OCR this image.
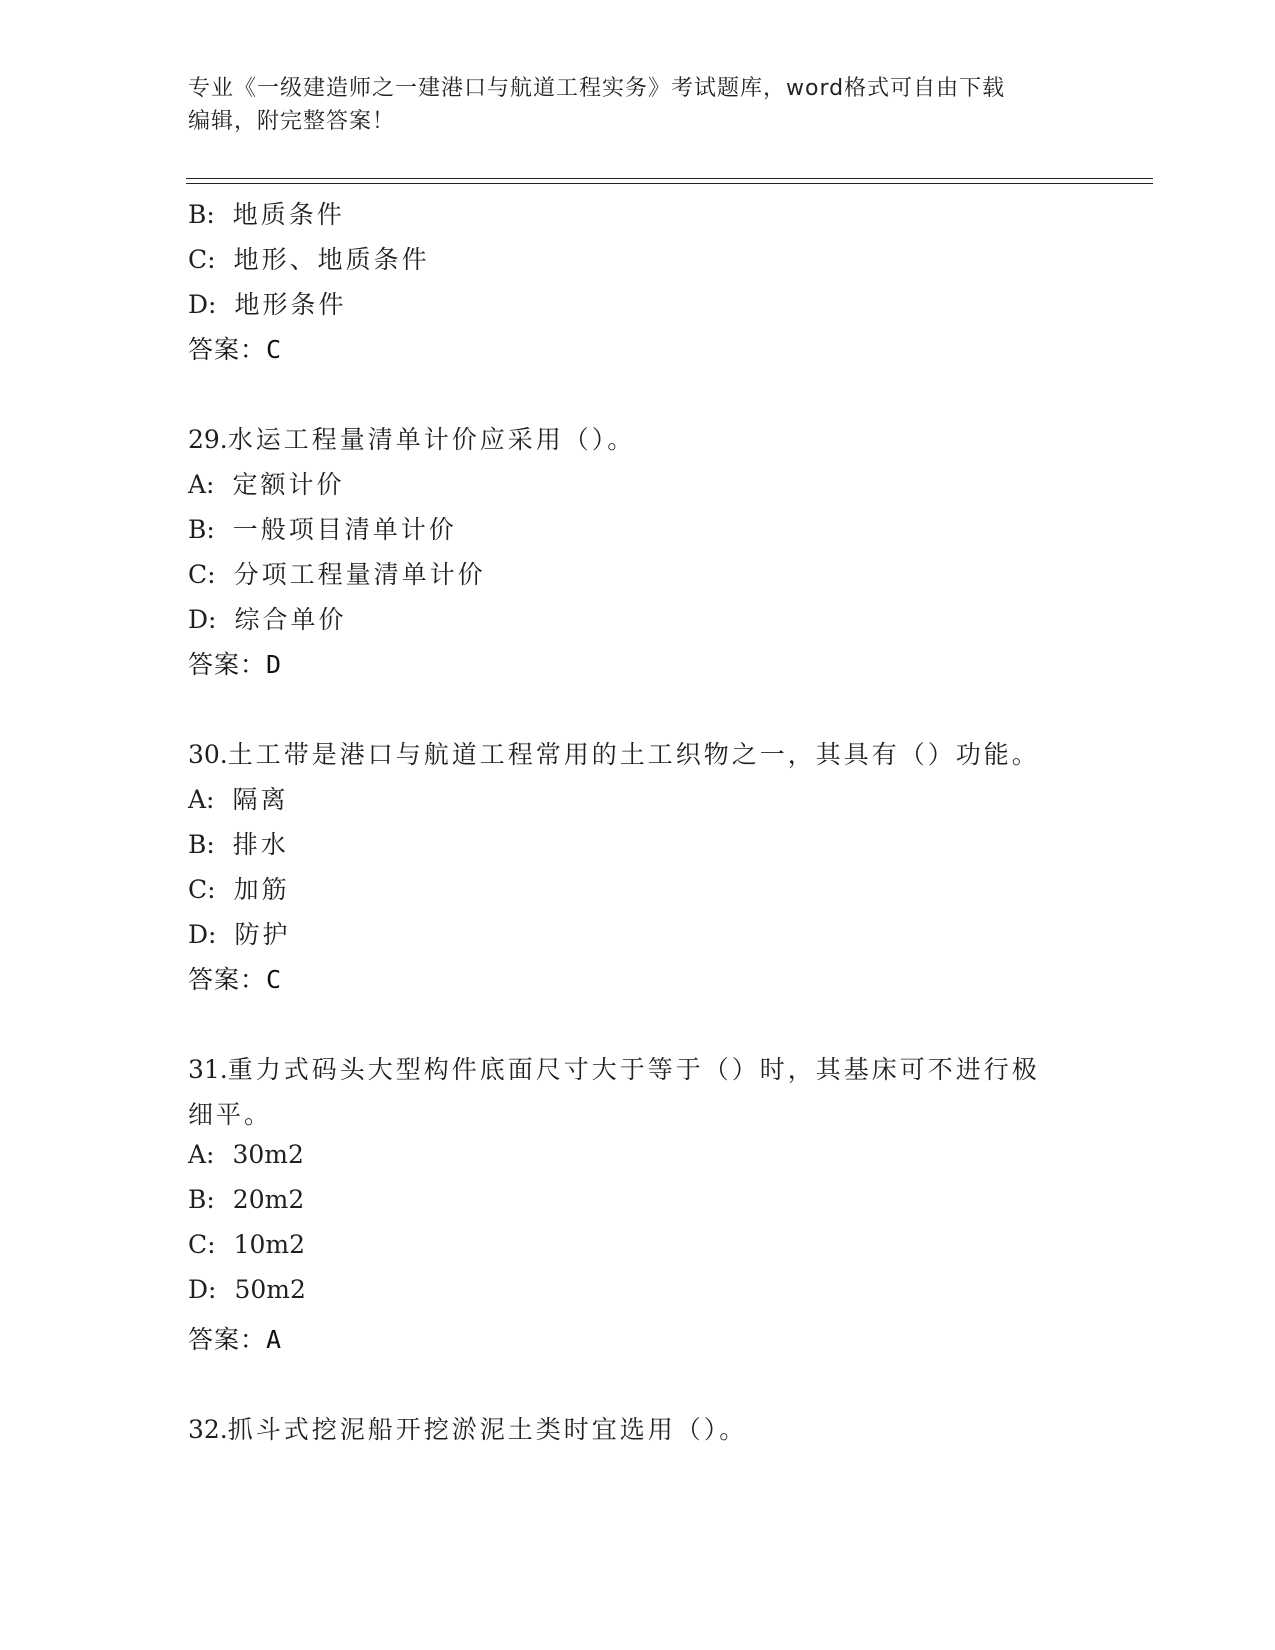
专业《一级建造师之一建港口与航道工程实务》考试题库，word格式可自由下载
编辑，附完整答案！
B: 地质条件
C: 地形、地质条件
D: 地形条件
答案：C
29.水运工程量清单计价应采用（）。
A: 定额计价
B: 一般项目清单计价
C: 分项工程量清单计价
D: 综合单价
答案：D
30.土工带是港口与航道工程常用的土工织物之一，其具有（）功能。
A: 隔离
B: 排水
C: 加筋
D: 防护
答案：C
31.重力式码头大型构件底面尺寸大于等于（）时，其基床可不进行极
细平。
A: 30m2
B: 20m2
C: 10m2
D: 50m2
答案：A
32.抓斗式挖泥船开挖淤泥土类时宜选用（）。
